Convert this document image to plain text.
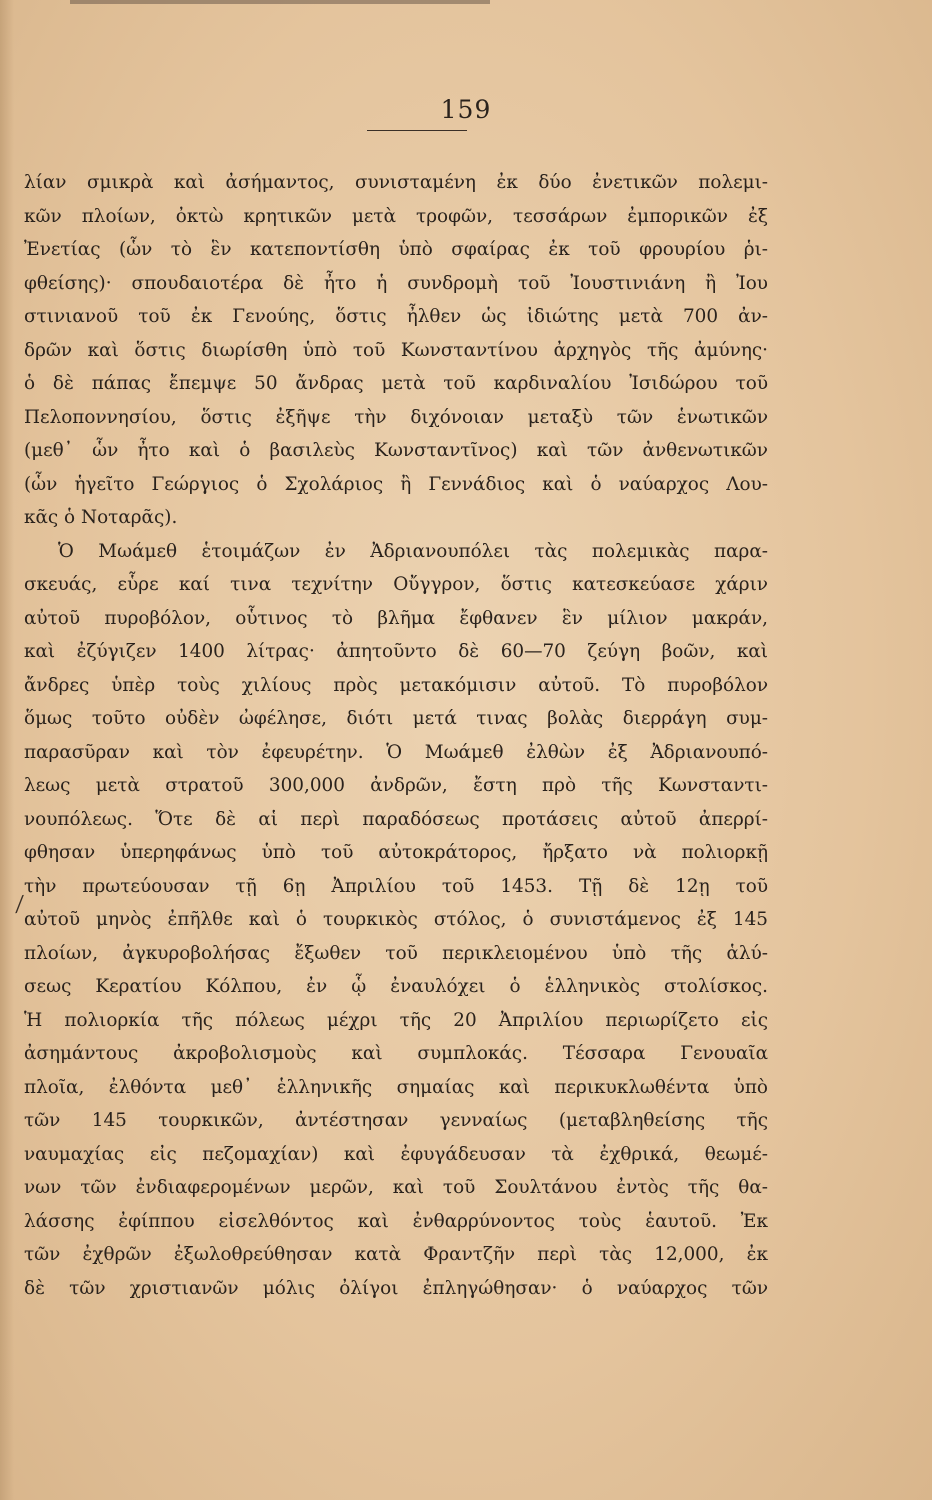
159
⁄
λίαν σμικρὰ καὶ ἀσήμαντος, συνισταμένη ἐκ δύο ἐνετικῶν πολεμι-
κῶν πλοίων, ὀκτὼ κρητικῶν μετὰ τροφῶν, τεσσάρων ἐμπορικῶν ἐξ
Ἐνετίας (ὧν τὸ ἓν κατεποντίσθη ὑπὸ σφαίρας ἐκ τοῦ φρουρίου ῥι-
φθείσης)· σπουδαιοτέρα δὲ ἦτο ἡ συνδρομὴ τοῦ Ἰουστινιάνη ἢ Ἰου
στινιανοῦ τοῦ ἐκ Γενούης, ὅστις ἦλθεν ὡς ἰδιώτης μετὰ 700 ἀν-
δρῶν καὶ ὅστις διωρίσθη ὑπὸ τοῦ Κωνσταντίνου ἀρχηγὸς τῆς ἀμύνης·
ὁ δὲ πάπας ἔπεμψε 50 ἄνδρας μετὰ τοῦ καρδιναλίου Ἰσιδώρου τοῦ
Πελοποννησίου, ὅστις ἐξῆψε τὴν διχόνοιαν μεταξὺ τῶν ἑνωτικῶν
(μεθ᾽ ὧν ἦτο καὶ ὁ βασιλεὺς Κωνσταντῖνος) καὶ τῶν ἀνθενωτικῶν
(ὧν ἡγεῖτο Γεώργιος ὁ Σχολάριος ἢ Γεννάδιος καὶ ὁ ναύαρχος Λου-
κᾶς ὁ Νοταρᾶς).
Ὁ Μωάμεθ ἑτοιμάζων ἐν Ἀδριανουπόλει τὰς πολεμικὰς παρα-
σκευάς, εὗρε καί τινα τεχνίτην Οὔγγρον, ὅστις κατεσκεύασε χάριν
αὐτοῦ πυροβόλον, οὗτινος τὸ βλῆμα ἔφθανεν ἓν μίλιον μακράν,
καὶ ἐζύγιζεν 1400 λίτρας· ἀπητοῦντο δὲ 60—70 ζεύγη βοῶν, καὶ
ἄνδρες ὑπὲρ τοὺς χιλίους πρὸς μετακόμισιν αὐτοῦ. Τὸ πυροβόλον
ὅμως τοῦτο οὐδὲν ὠφέλησε, διότι μετά τινας βολὰς διερράγη συμ-
παρασῦραν καὶ τὸν ἐφευρέτην. Ὁ Μωάμεθ ἐλθὼν ἐξ Ἀδριανουπό-
λεως μετὰ στρατοῦ 300,000 ἀνδρῶν, ἔστη πρὸ τῆς Κωνσταντι-
νουπόλεως. Ὅτε δὲ αἱ περὶ παραδόσεως προτάσεις αὐτοῦ ἀπερρί-
φθησαν ὑπερηφάνως ὑπὸ τοῦ αὐτοκράτορος, ἤρξατο νὰ πολιορκῇ
τὴν πρωτεύουσαν τῇ 6ῃ Ἀπριλίου τοῦ 1453. Τῇ δὲ 12ῃ τοῦ
αὐτοῦ μηνὸς ἐπῆλθε καὶ ὁ τουρκικὸς στόλος, ὁ συνιστάμενος ἐξ 145
πλοίων, ἀγκυροβολήσας ἔξωθεν τοῦ περικλειομένου ὑπὸ τῆς ἁλύ-
σεως Κερατίου Κόλπου, ἐν ᾧ ἐναυλόχει ὁ ἑλληνικὸς στολίσκος.
Ἡ πολιορκία τῆς πόλεως μέχρι τῆς 20 Ἀπριλίου περιωρίζετο εἰς
ἀσημάντους ἀκροβολισμοὺς καὶ συμπλοκάς. Τέσσαρα Γενουαῖα
πλοῖα, ἐλθόντα μεθ᾽ ἑλληνικῆς σημαίας καὶ περικυκλωθέντα ὑπὸ
τῶν 145 τουρκικῶν, ἀντέστησαν γενναίως (μεταβληθείσης τῆς
ναυμαχίας εἰς πεζομαχίαν) καὶ ἐφυγάδευσαν τὰ ἐχθρικά, θεωμέ-
νων τῶν ἐνδιαφερομένων μερῶν, καὶ τοῦ Σουλτάνου ἐντὸς τῆς θα-
λάσσης ἐφίππου εἰσελθόντος καὶ ἐνθαρρύνοντος τοὺς ἑαυτοῦ. Ἐκ
τῶν ἐχθρῶν ἐξωλοθρεύθησαν κατὰ Φραντζῆν περὶ τὰς 12,000, ἐκ
δὲ τῶν χριστιανῶν μόλις ὀλίγοι ἐπληγώθησαν· ὁ ναύαρχος τῶν
